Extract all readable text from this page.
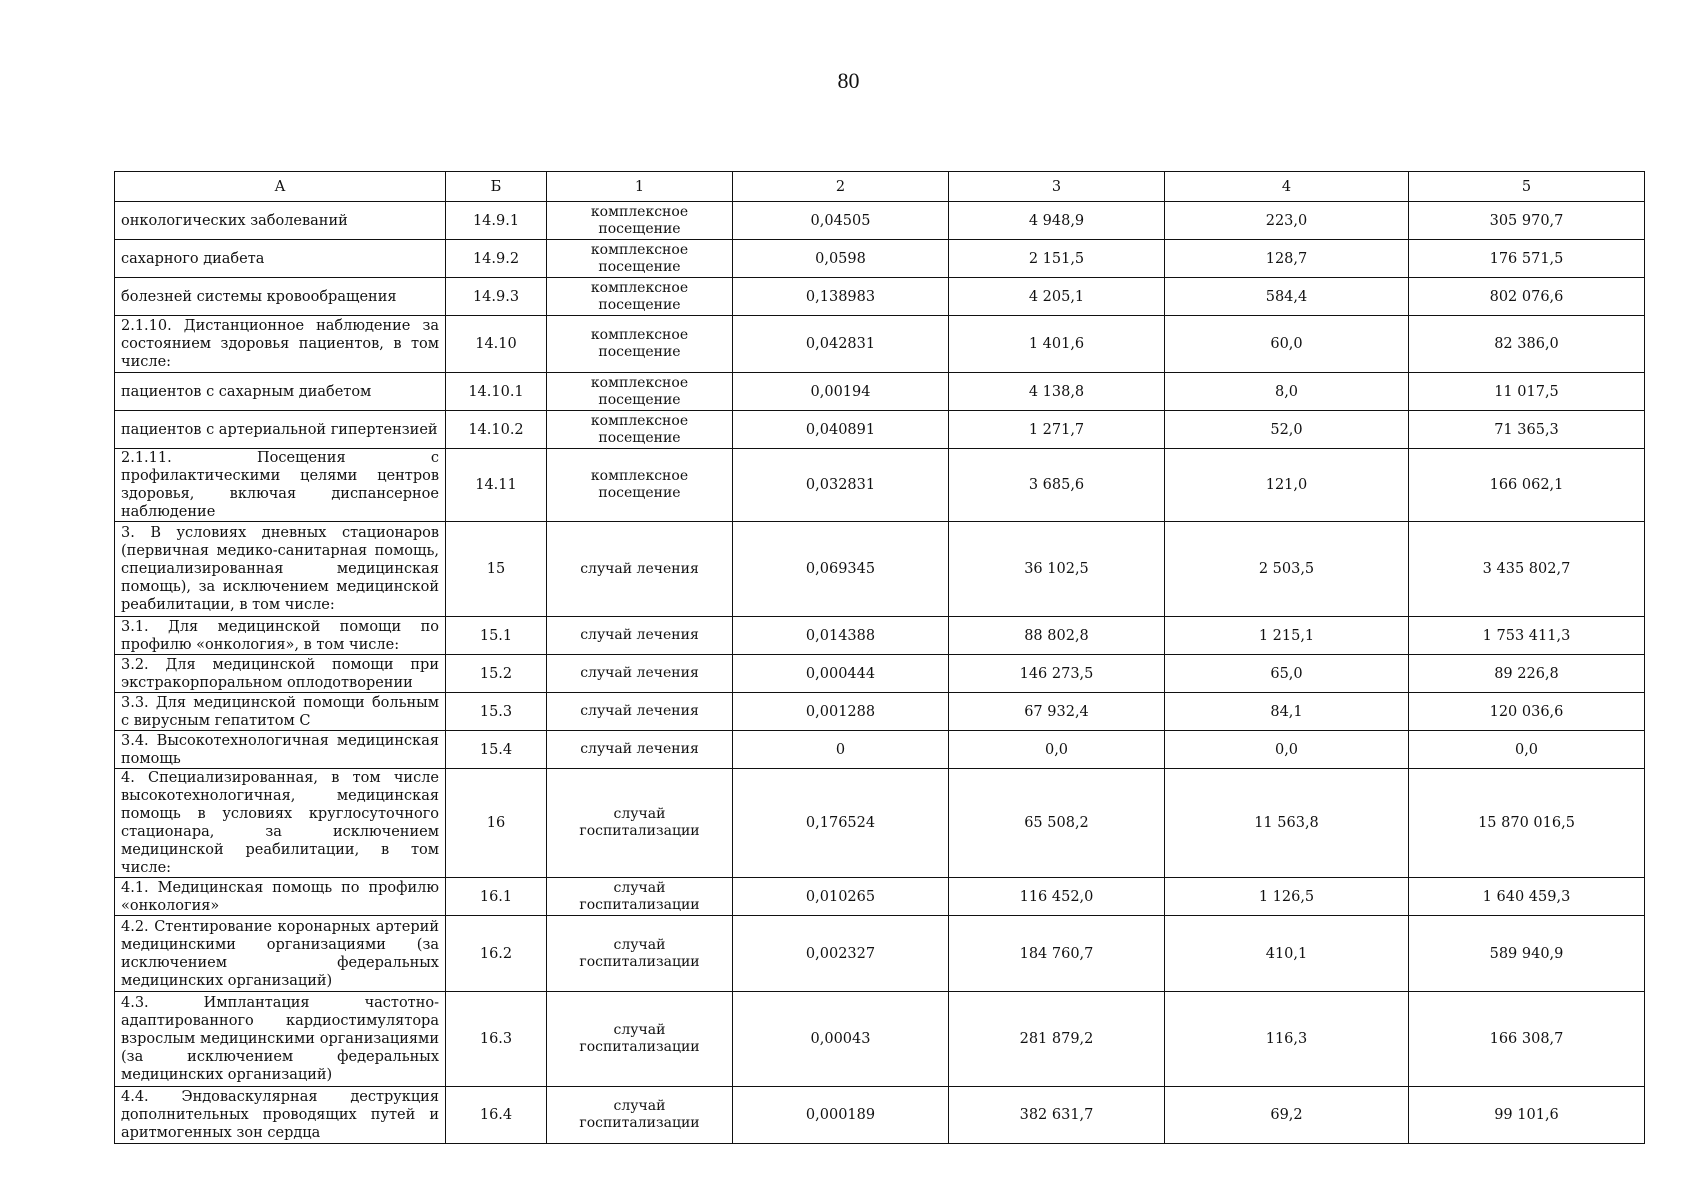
80
А	Б	1	2	3	4	5
онкологических заболеваний	14.9.1	комплексное посещение	0,04505	4 948,9	223,0	305 970,7
сахарного диабета	14.9.2	комплексное посещение	0,0598	2 151,5	128,7	176 571,5
болезней системы кровообращения	14.9.3	комплексное посещение	0,138983	4 205,1	584,4	802 076,6
2.1.10. Дистанционное наблюдение за состоянием здоровья пациентов, в том числе:	14.10	комплексное посещение	0,042831	1 401,6	60,0	82 386,0
пациентов с сахарным диабетом	14.10.1	комплексное посещение	0,00194	4 138,8	8,0	11 017,5
пациентов с артериальной гипертензией	14.10.2	комплексное посещение	0,040891	1 271,7	52,0	71 365,3
2.1.11. Посещения с профилактическими целями центров здоровья, включая диспансерное наблюдение	14.11	комплексное посещение	0,032831	3 685,6	121,0	166 062,1
3. В условиях дневных стационаров (первичная медико-санитарная помощь, специализированная медицинская помощь), за исключением медицинской реабилитации, в том числе:	15	случай лечения	0,069345	36 102,5	2 503,5	3 435 802,7
3.1. Для медицинской помощи по профилю «онкология», в том числе:	15.1	случай лечения	0,014388	88 802,8	1 215,1	1 753 411,3
3.2. Для медицинской помощи при экстракорпоральном оплодотворении	15.2	случай лечения	0,000444	146 273,5	65,0	89 226,8
3.3. Для медицинской помощи больным с вирусным гепатитом С	15.3	случай лечения	0,001288	67 932,4	84,1	120 036,6
3.4. Высокотехнологичная медицинская помощь	15.4	случай лечения	0	0,0	0,0	0,0
4. Специализированная, в том числе высокотехнологичная, медицинская помощь в условиях круглосуточного стационара, за исключением медицинской реабилитации, в том числе:	16	случай госпитализации	0,176524	65 508,2	11 563,8	15 870 016,5
4.1. Медицинская помощь по профилю «онкология»	16.1	случай госпитализации	0,010265	116 452,0	1 126,5	1 640 459,3
4.2. Стентирование коронарных артерий медицинскими организациями (за исключением федеральных медицинских организаций)	16.2	случай госпитализации	0,002327	184 760,7	410,1	589 940,9
4.3. Имплантация частотно-адаптированного кардиостимулятора взрослым медицинскими организациями (за исключением федеральных медицинских организаций)	16.3	случай госпитализации	0,00043	281 879,2	116,3	166 308,7
4.4. Эндоваскулярная деструкция дополнительных проводящих путей и аритмогенных зон сердца	16.4	случай госпитализации	0,000189	382 631,7	69,2	99 101,6
